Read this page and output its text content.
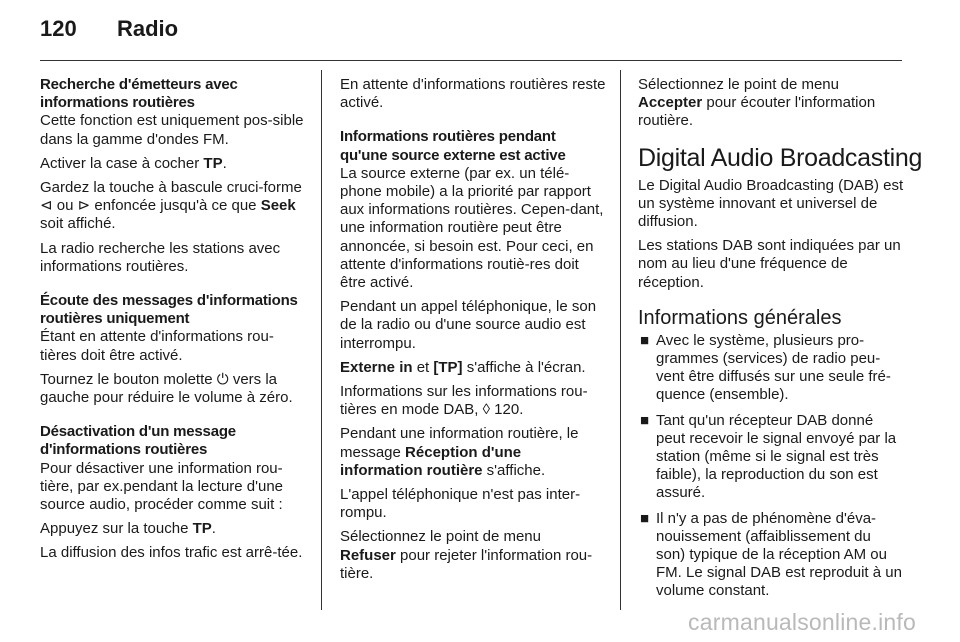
120 Radio
Recherche d'émetteurs avec informations routières

Cette fonction est uniquement pos-sible dans la gamme d'ondes FM.

Activer la case à cocher TP.

Gardez la touche à bascule cruci-forme ⊲ ou ⊳ enfoncée jusqu'à ce que Seek soit affiché.

La radio recherche les stations avec informations routières.

Écoute des messages d'informations routières uniquement

Étant en attente d'informations rou-tières doit être activé.

Tournez le bouton molette ⏻ vers la gauche pour réduire le volume à zéro.

Désactivation d'un message d'informations routières

Pour désactiver une information rou-tière, par ex.pendant la lecture d'une source audio, procéder comme suit :

Appuyez sur la touche TP.

La diffusion des infos trafic est arrê-tée.

En attente d'informations routières reste activé.

Informations routières pendant qu'une source externe est active

La source externe (par ex. un télé-phone mobile) a la priorité par rapport aux informations routières. Cepen-dant, une information routière peut être annoncée, si besoin est. Pour ceci, en attente d'informations routiè-res doit être activé.

Pendant un appel téléphonique, le son de la radio ou d'une source audio est interrompu.

Externe in et [TP] s'affiche à l'écran.

Informations sur les informations rou-tières en mode DAB, ◊ 120.

Pendant une information routière, le message Réception d'une information routière s'affiche.

L'appel téléphonique n'est pas inter-rompu.

Sélectionnez le point de menu
Refuser pour rejeter l'information rou-tière.

Sélectionnez le point de menu
Accepter pour écouter l'information routière.

Digital Audio Broadcasting

Le Digital Audio Broadcasting (DAB) est un système innovant et universel de diffusion.

Les stations DAB sont indiquées par un nom au lieu d'une fréquence de réception.

Informations générales
■ Avec le système, plusieurs pro-grammes (services) de radio peu-vent être diffusés sur une seule fré-quence (ensemble).
■ Tant qu'un récepteur DAB donné peut recevoir le signal envoyé par la station (même si le signal est très faible), la reproduction du son est assuré.
■ Il n'y a pas de phénomène d'éva-nouissement (affaiblissement du son) typique de la réception AM ou FM. Le signal DAB est reproduit à un volume constant.
carmanualsonline.info
